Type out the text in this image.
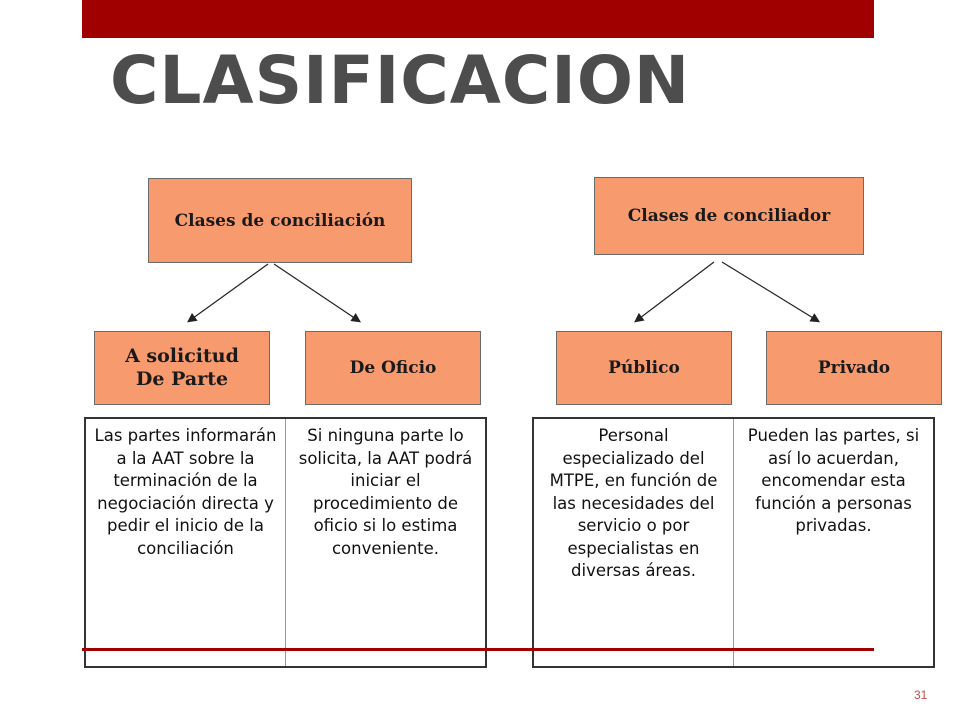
CLASIFICACION
Clases de conciliación	Clases de conciliador
A solicitud
De Parte	De Oficio	Público	Privado
Las partes informarán a la AAT sobre la terminación de la negociación directa y pedir el inicio de la conciliación
Si ninguna parte lo solicita, la AAT podrá iniciar el procedimiento de oficio si lo estima conveniente.
Personal especializado del MTPE, en función de las necesidades del servicio o por especialistas en diversas áreas.
Pueden las partes, si así lo acuerdan, encomendar esta función a personas privadas.
31
